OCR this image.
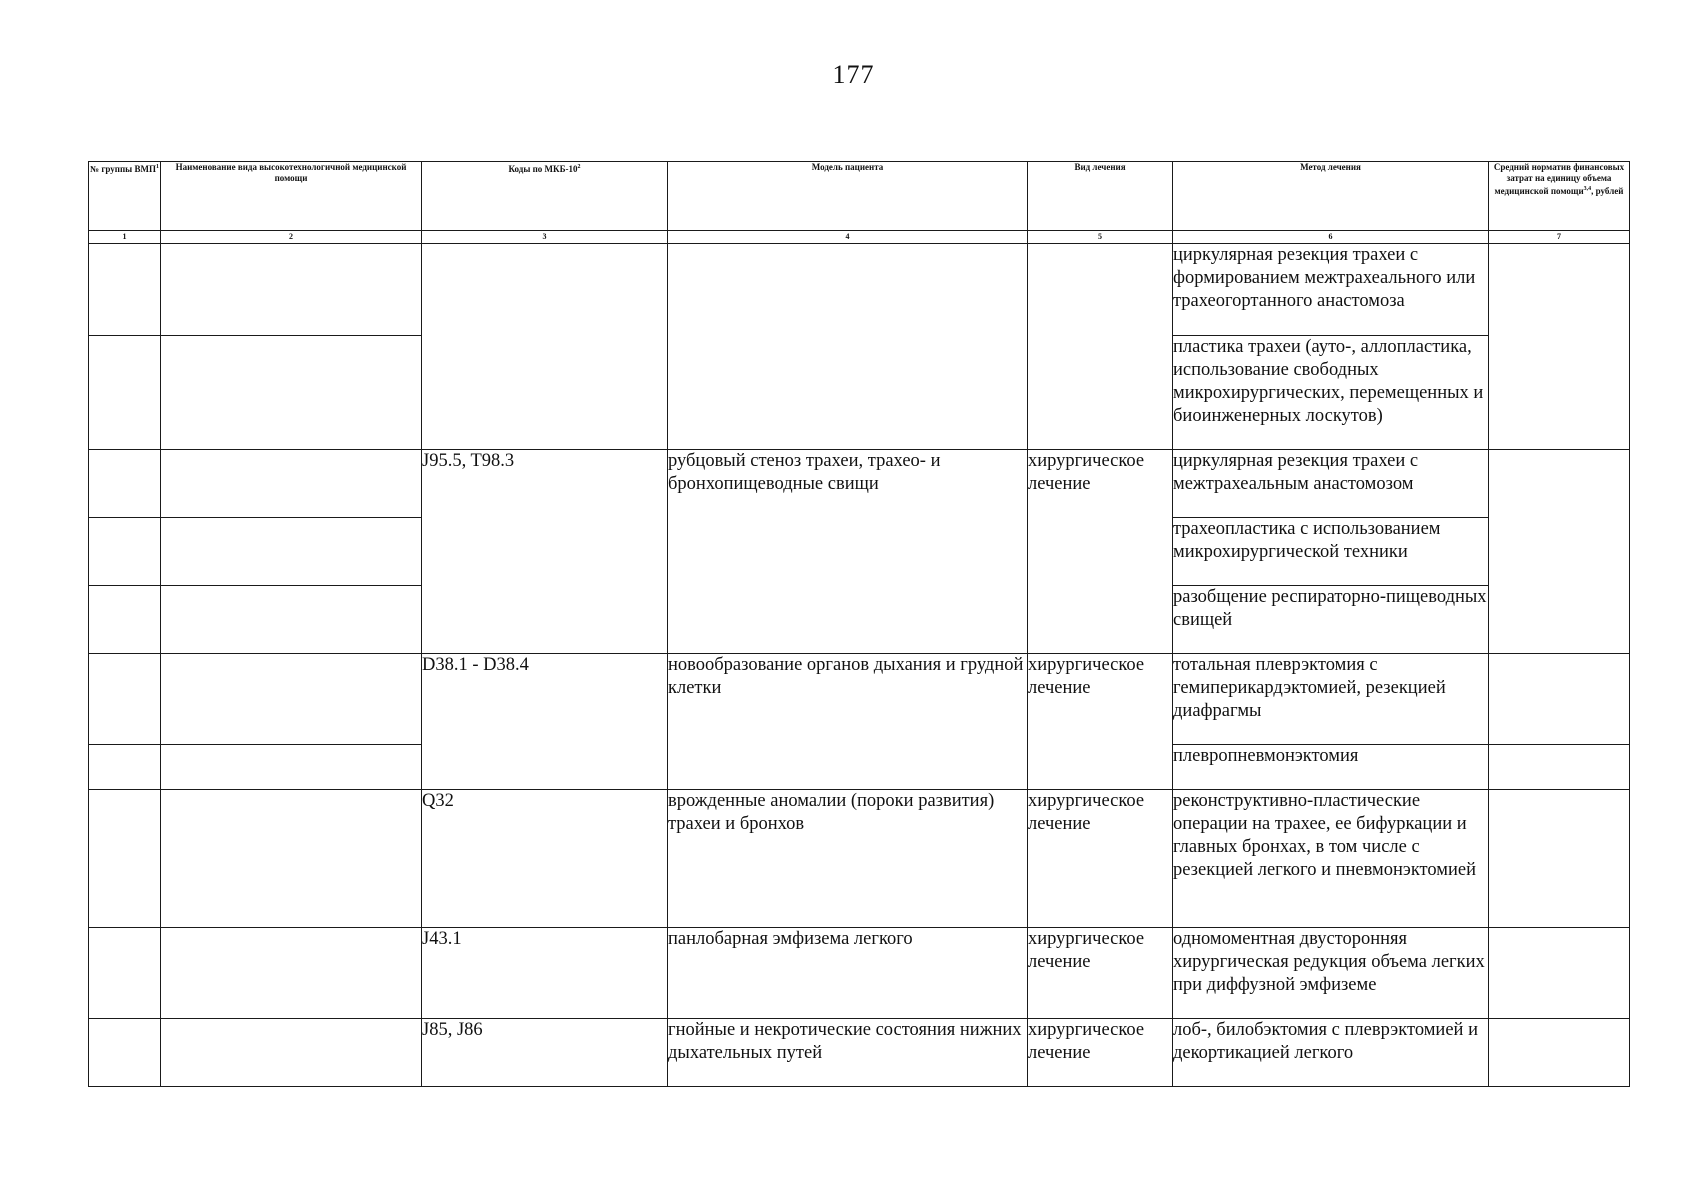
177
№ группы ВМП$^1$	Наименование вида высокотехнологичной медицинской помощи	Коды по МКБ-$10^2$	Модель пациента	Вид лечения	Метод лечения	Средний норматив финансовых затрат на единицу объема медицинской помощи$^{3,4}$, рублей
1	2	3	4	5	6	7
					циркулярная резекция трахеи с формированием межтрахеального или трахеогортанного анастомоза	
					пластика трахеи (ауто-, аллопластика, использование свободных микрохирургических, перемещенных и биоинженерных лоскутов)	
		J95.5, T98.3	рубцовый стеноз трахеи, трахео- и бронхопищеводные свищи	хирургическое лечение	циркулярная резекция трахеи с межтрахеальным анастомозом	
					трахеопластика с использованием микрохирургической техники	
					разобщение респираторно-пищеводных свищей	
		D38.1 - D38.4	новообразование органов дыхания и грудной клетки	хирургическое лечение	тотальная плеврэктомия с гемиперикардэктомией, резекцией диафрагмы	
					плевропневмонэктомия	
		Q32	врожденные аномалии (пороки развития) трахеи и бронхов	хирургическое лечение	реконструктивно-пластические операции на трахее, ее бифуркации и главных бронхах, в том числе с резекцией легкого и пневмонэктомией	
		J43.1	панлобарная эмфизема легкого	хирургическое лечение	одномоментная двусторонняя хирургическая редукция объема легких при диффузной эмфиземе	
		J85, J86	гнойные и некротические состояния нижних дыхательных путей	хирургическое лечение	лоб-, билобэктомия с плеврэктомией и декортикацией легкого	
